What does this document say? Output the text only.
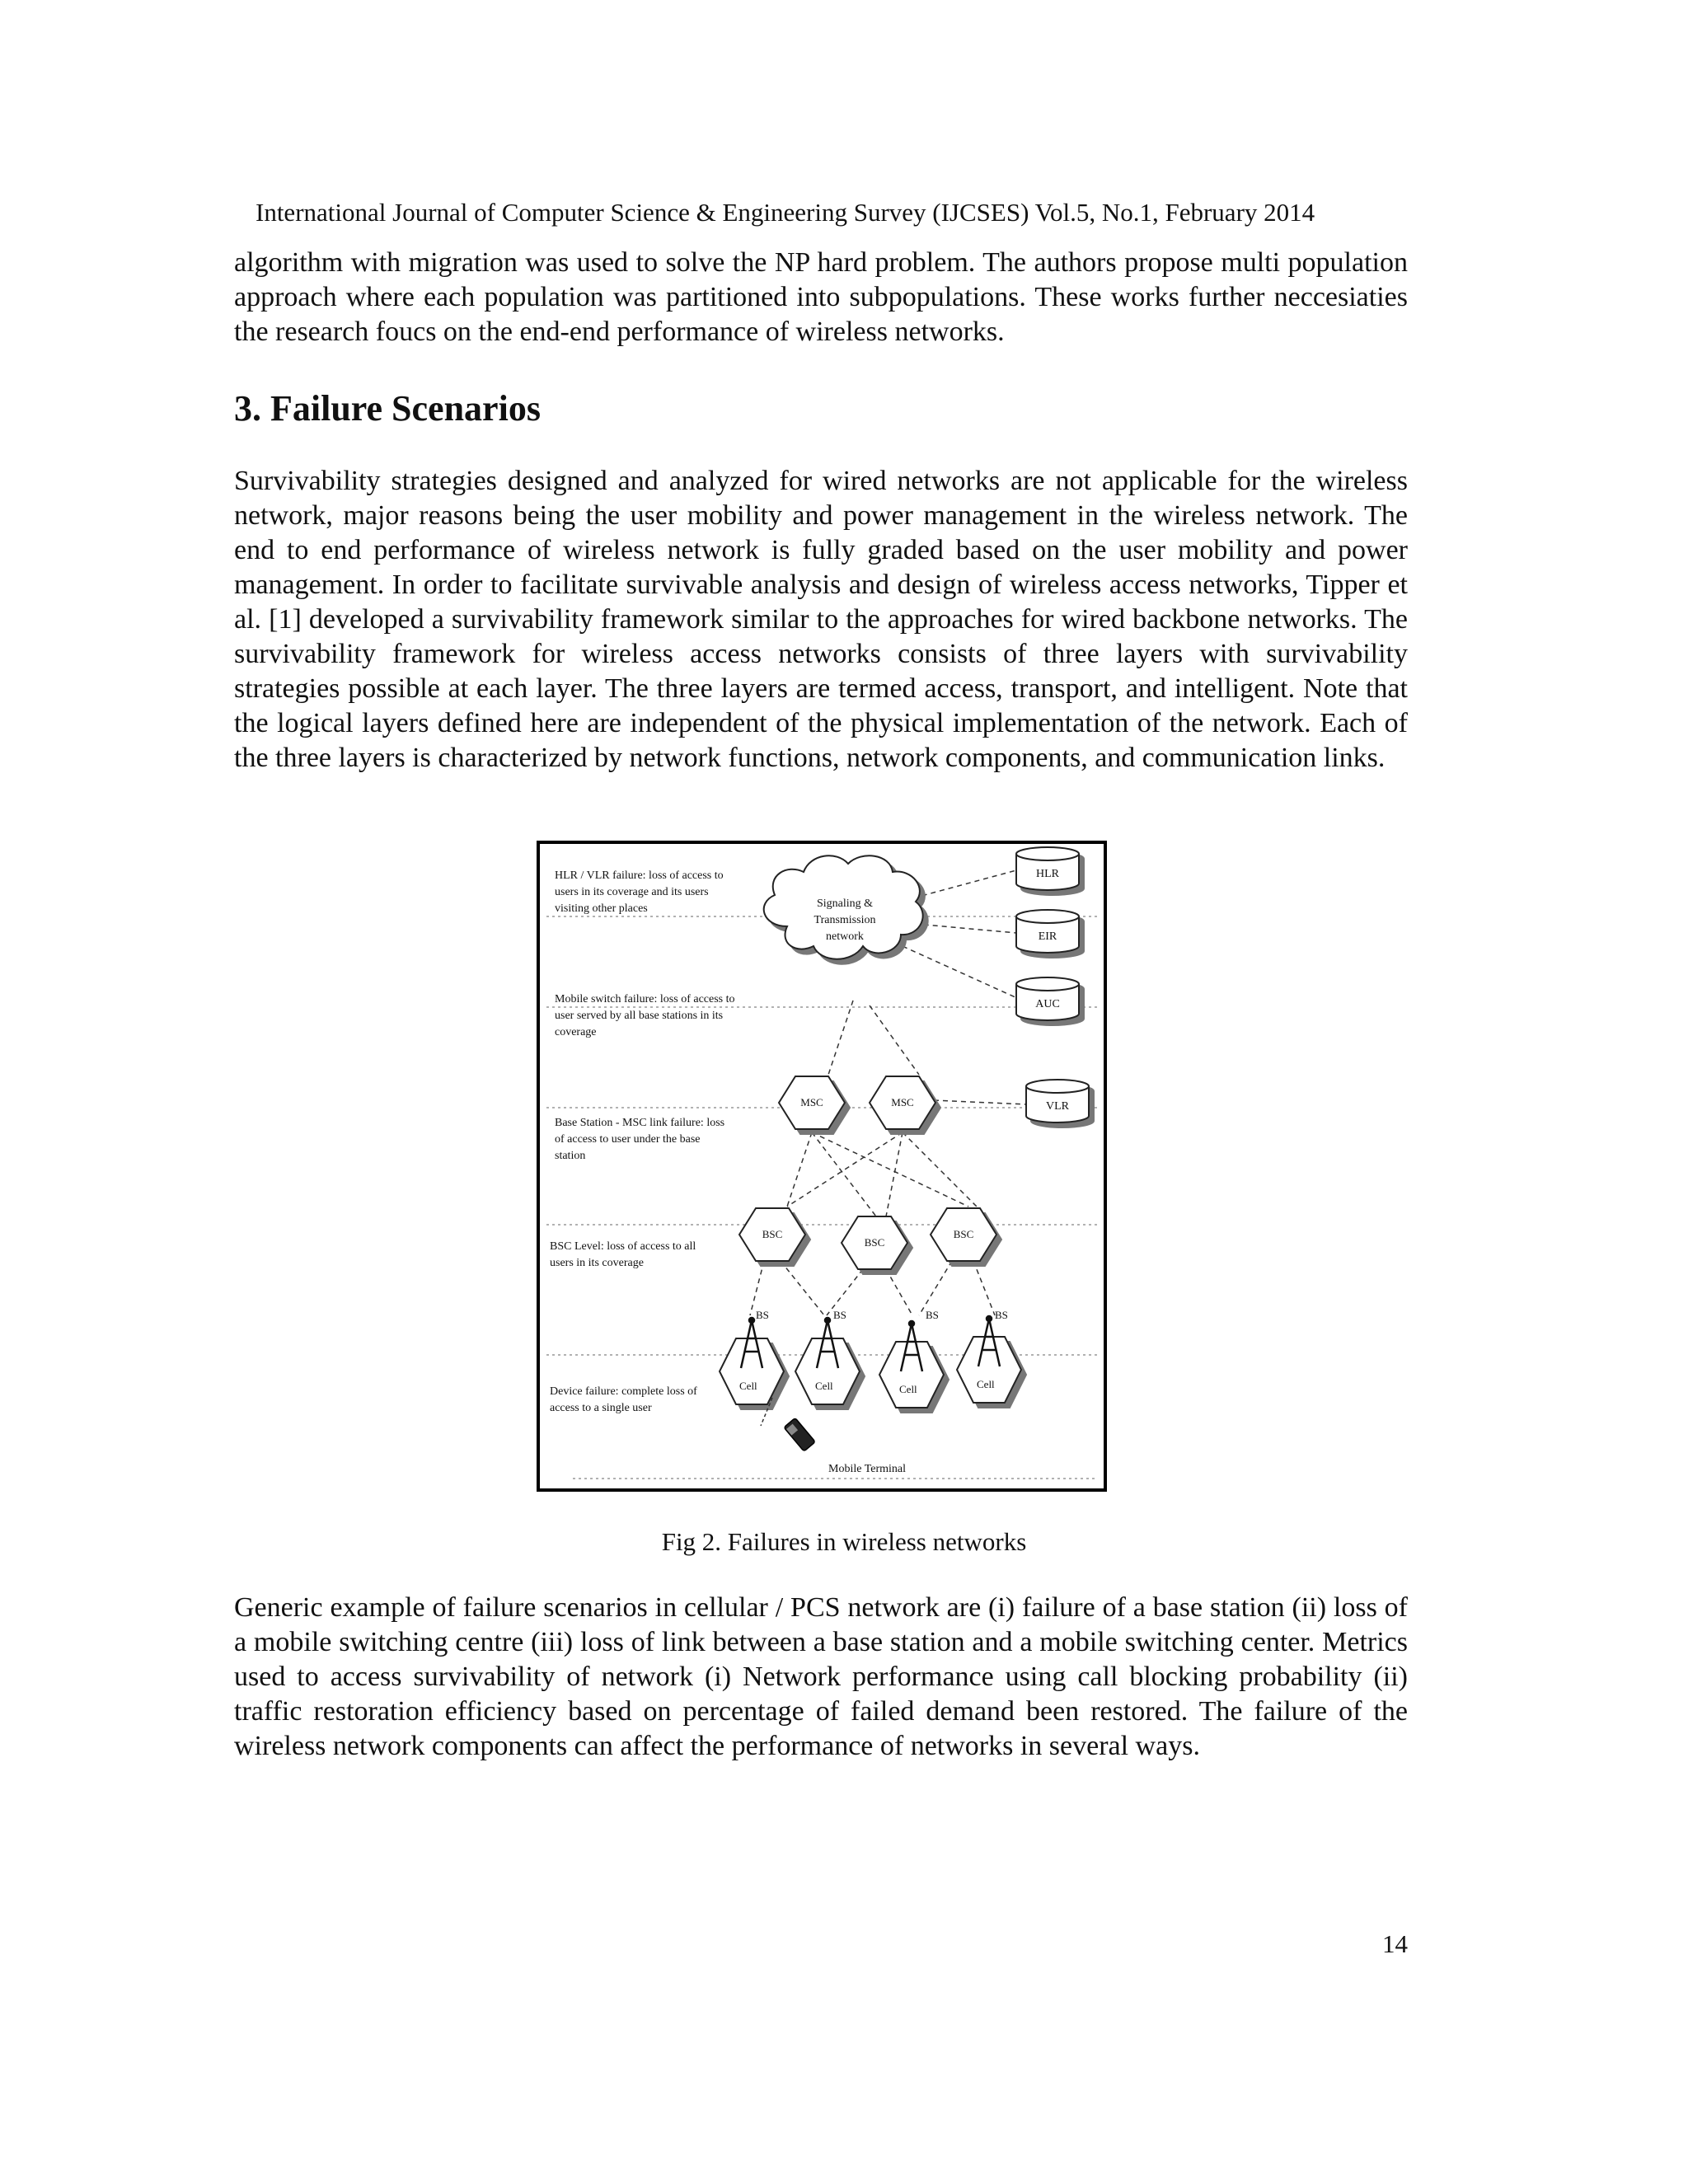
International Journal of Computer Science & Engineering Survey (IJCSES) Vol.5, No.1, February 2014

algorithm with migration was used to solve the NP hard problem. The authors propose multi population approach where each population was partitioned into subpopulations. These works further neccesiaties the research foucs on the end-end performance of wireless networks.

3. Failure Scenarios

Survivability strategies designed and analyzed for wired networks are not applicable for the wireless network, major reasons being the user mobility and power management in the wireless network. The end to end performance of wireless network is fully graded based on the user mobility and power management. In order to facilitate survivable analysis and design of wireless access networks, Tipper et al. [1] developed a survivability framework similar to the approaches for wired backbone networks. The survivability framework for wireless access networks consists of three layers with survivability strategies possible at each layer. The three layers are termed access, transport, and intelligent. Note that the logical layers defined here are independent of the physical implementation of the network. Each of the three layers is characterized by network functions, network components, and communication links.

HLR / VLR failure: loss of access to
users in its coverage and its users
visiting other places
Mobile switch failure: loss of access to
user served by all base stations in its
coverage
Base Station - MSC link failure: loss
of access to user under the base
station
BSC Level: loss of access to all
users in its coverage
Device failure: complete loss of
access to a single user
Signaling &
Transmission
network
HLR
EIR
AUC
VLR
MSC	MSC
BSC
BSC
BSC
BS
Cell
BS
Cell
BS
Cell
BS
Cell
Mobile Terminal
Fig 2. Failures in wireless networks

Generic example of failure scenarios in cellular / PCS network are (i) failure of a base station (ii) loss of a mobile switching centre (iii) loss of link between a base station and a mobile switching center. Metrics used to access survivability of network (i) Network performance using call blocking probability (ii) traffic restoration efficiency based on percentage of failed demand been restored. The failure of the wireless network components can affect the performance of networks in several ways.

14
